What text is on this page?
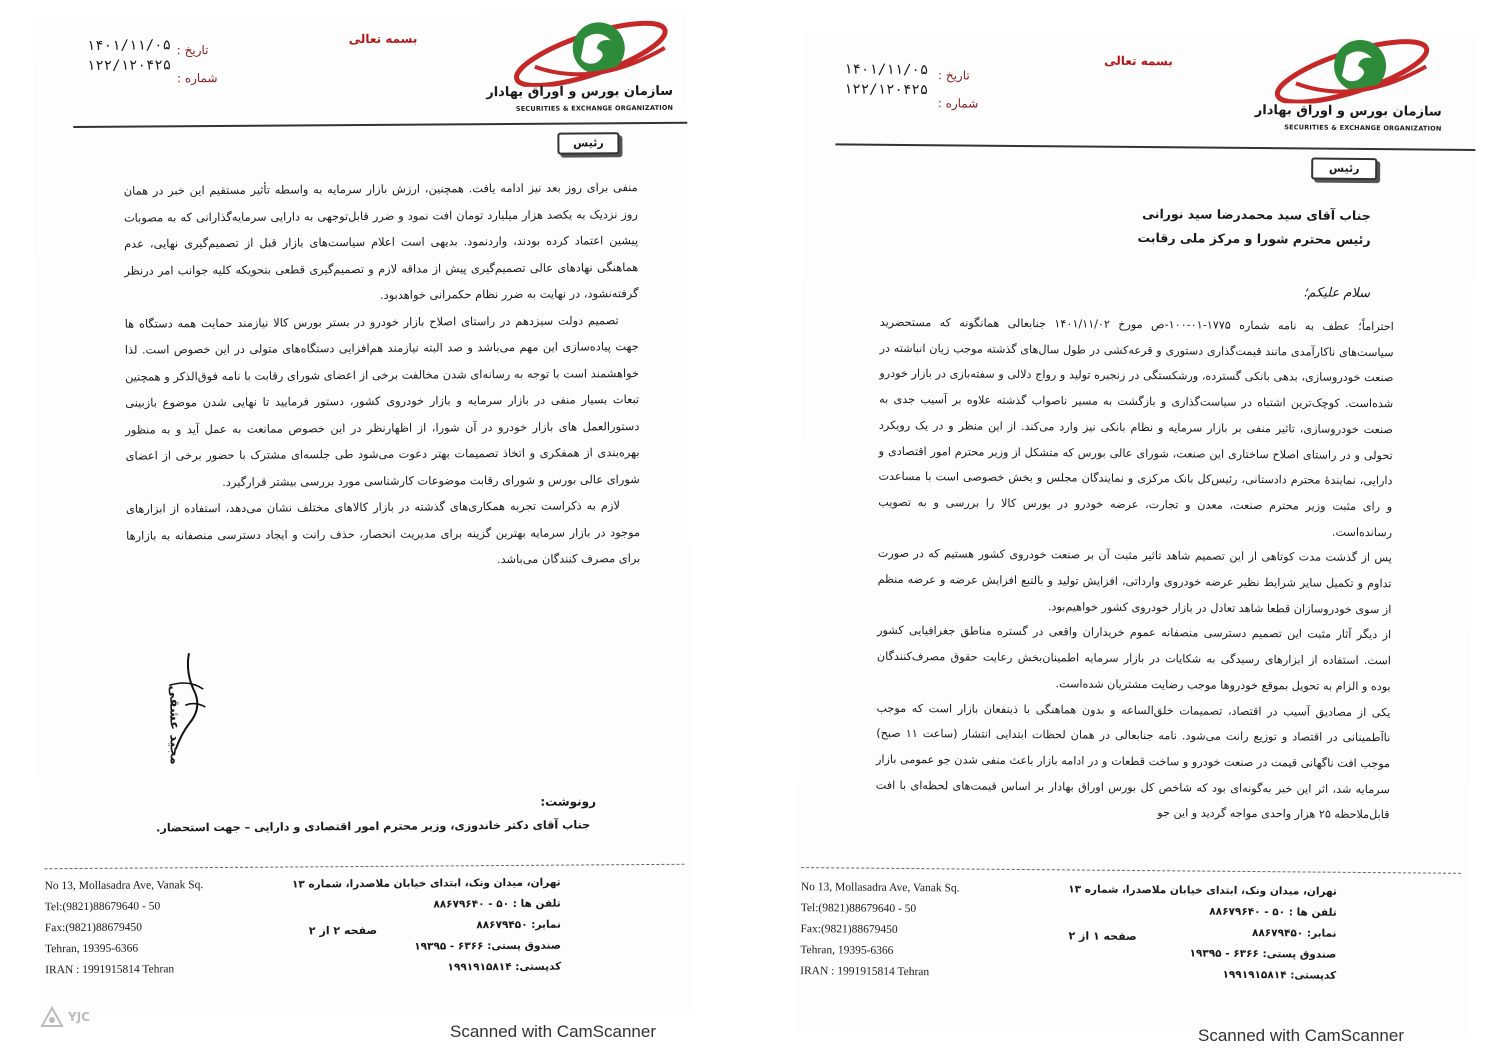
۱۴۰۱/۱۱/۰۵ تاریخ :
۱۲۲/۱۲۰۴۲۵
شماره :
بسمه تعالی
سازمان بورس و اوراق بهادار
SECURITIES & EXCHANGE ORGANIZATION
رئیس

منفی برای روز بعد نیز ادامه یافت. همچنین، ارزش بازار سرمایه به واسطه تأثیر مستقیم این خبر در همان روز نزدیک به یکصد هزار میلیارد تومان افت نمود و ضرر قابل‌توجهی به دارایی سرمایه‌گذارانی که به مصوبات پیشین اعتماد کرده بودند، واردنمود. بدیهی است اعلام سیاست‌های بازار قبل از تصمیم‌گیری نهایی، عدم هماهنگی نهادهای عالی تصمیم‌گیری پیش از مداقه لازم و تصمیم‌گیری قطعی بنحویکه کلیه جوانب امر درنظر گرفته‌نشود، در نهایت به ضرر نظام حکمرانی خواهدبود.

تصمیم دولت سیزدهم در راستای اصلاح بازار خودرو در بستر بورس کالا نیازمند حمایت همه دستگاه ها جهت پیاده‌سازی این مهم می‌باشد و صد البته نیازمند هم‌افزایی دستگاه‌های متولی در این خصوص است. لذا خواهشمند است با توجه به رسانه‌ای شدن مخالفت برخی از اعضای شورای رقابت با نامه فوق‌الذکر و همچنین تبعات بسیار منفی در بازار سرمایه و بازار خودروی کشور، دستور فرمایید تا نهایی شدن موضوع بازبینی دستورالعمل های بازار خودرو در آن شورا، از اظهارنظر در این خصوص ممانعت به عمل آید و به منظور بهره‌بندی از همفکری و اتخاذ تصمیمات بهتر دعوت می‌شود طی جلسه‌ای مشترک با حضور برخی از اعضای شورای عالی بورس و شورای رقابت موضوعات کارشناسی مورد بررسی بیشتر قرارگیرد.

لازم به ذکراست تجربه همکاری‌های گذشته در بازار کالاهای مختلف نشان می‌دهد، استفاده از ابزارهای موجود در بازار سرمایه بهترین گزینه برای مدیریت انحصار، حذف رانت و ایجاد دسترسی منصفانه به بازارها برای مصرف کنندگان می‌باشد.

مجید عشقی
رونوشت:
جناب آقای دکتر خاندوزی، وزیر محترم امور اقتصادی و دارایی – جهت استحضار.
No 13, Mollasadra Ave, Vanak Sq.
Tel:(9821)88679640 - 50
Fax:(9821)88679450
Tehran, 19395-6366
IRAN : 1991915814 Tehran
صفحه ۲ از ۲
تهران، میدان ونک، ابتدای خیابان ملاصدرا، شماره ۱۳
تلفن ها : ۵۰ - ۸۸۶۷۹۶۴۰
نمابر: ۸۸۶۷۹۴۵۰
صندوق پستی: ۶۳۶۶ - ۱۹۳۹۵
کدپستی: ۱۹۹۱۹۱۵۸۱۴
YJC
Scanned with CamScanner
۱۴۰۱/۱۱/۰۵ تاریخ :
۱۲۲/۱۲۰۴۲۵
شماره :
بسمه تعالی
سازمان بورس و اوراق بهادار
SECURITIES & EXCHANGE ORGANIZATION
رئیس
جناب آقای سید محمدرضا سید نورانی
رئیس محترم شورا و مرکز ملی رقابت
سلام علیکم؛

احتراماً؛ عطف به نامه شماره ۱۷۷۵-۰۱-۱۰۰-ص مورخ ۱۴۰۱/۱۱/۰۲ جنابعالی همانگونه که مستحضرید سیاست‌های ناکارآمدی مانند قیمت‌گذاری دستوری و قرعه‌کشی در طول سال‌های گذشته موجب زیان انباشته در صنعت خودروسازی، بدهی بانکی گسترده، ورشکستگی در زنجیره تولید و رواج دلالی و سفته‌بازی در بازار خودرو شده‌است. کوچک‌ترین اشتباه در سیاست‌گذاری و بازگشت به مسیر ناصواب گذشته علاوه بر آسیب جدی به صنعت خودروسازی، تاثیر منفی بر بازار سرمایه و نظام بانکی نیز وارد می‌کند. از این منظر و در یک رویکرد تحولی و در راستای اصلاح ساختاری این صنعت، شورای عالی بورس که متشکل از وزیر محترم امور اقتصادی و دارایی، نمایندهٔ محترم دادستانی، رئیس‌کل بانک مرکزی و نمایندگان مجلس و بخش خصوصی است با مساعدت و رای مثبت وزیر محترم صنعت، معدن و تجارت، عرضه خودرو در بورس کالا را بررسی و به تصویب رسانده‌است.

پس از گذشت مدت کوتاهی از این تصمیم شاهد تاثیر مثبت آن بر صنعت خودروی کشور هستیم که در صورت تداوم و تکمیل سایر شرایط نظیر عرضه خودروی وارداتی، افزایش تولید و بالتبع افزایش عرضه و عرضه منظم از سوی خودروسازان قطعا شاهد تعادل در بازار خودروی کشور خواهیم‌بود.

از دیگر آثار مثبت این تصمیم دسترسی منصفانه عموم خریداران واقعی در گستره مناطق جغرافیایی کشور است. استفاده از ابزارهای رسیدگی به شکایات در بازار سرمایه اطمینان‌بخش رعایت حقوق مصرف‌کنندگان بوده و الزام به تحویل بموقع خودروها موجب رضایت مشتریان شده‌است.

یکی از مصادیق آسیب در اقتصاد، تصمیمات خلق‌الساعه و بدون هماهنگی با ذینفعان بازار است که موجب ناآطمینانی در اقتصاد و توزیع رانت می‌شود. نامه جنابعالی در همان لحظات ابتدایی انتشار (ساعت ۱۱ صبح) موجب افت ناگهانی قیمت در صنعت خودرو و ساخت قطعات و در ادامه بازار باعث منفی شدن جو عمومی بازار سرمایه شد، اثر این خبر به‌گونه‌ای بود که شاخص کل بورس اوراق بهادار بر اساس قیمت‌های لحظه‌ای با افت قابل‌ملاحظه ۲۵ هزار واحدی مواجه گردید و این جو

No 13, Mollasadra Ave, Vanak Sq.
Tel:(9821)88679640 - 50
Fax:(9821)88679450
Tehran, 19395-6366
IRAN : 1991915814 Tehran
صفحه ۱ از ۲
تهران، میدان ونک، ابتدای خیابان ملاصدرا، شماره ۱۳
تلفن ها : ۵۰ - ۸۸۶۷۹۶۴۰
نمابر: ۸۸۶۷۹۴۵۰
صندوق پستی: ۶۳۶۶ - ۱۹۳۹۵
کدپستی: ۱۹۹۱۹۱۵۸۱۴
Scanned with CamScanner
